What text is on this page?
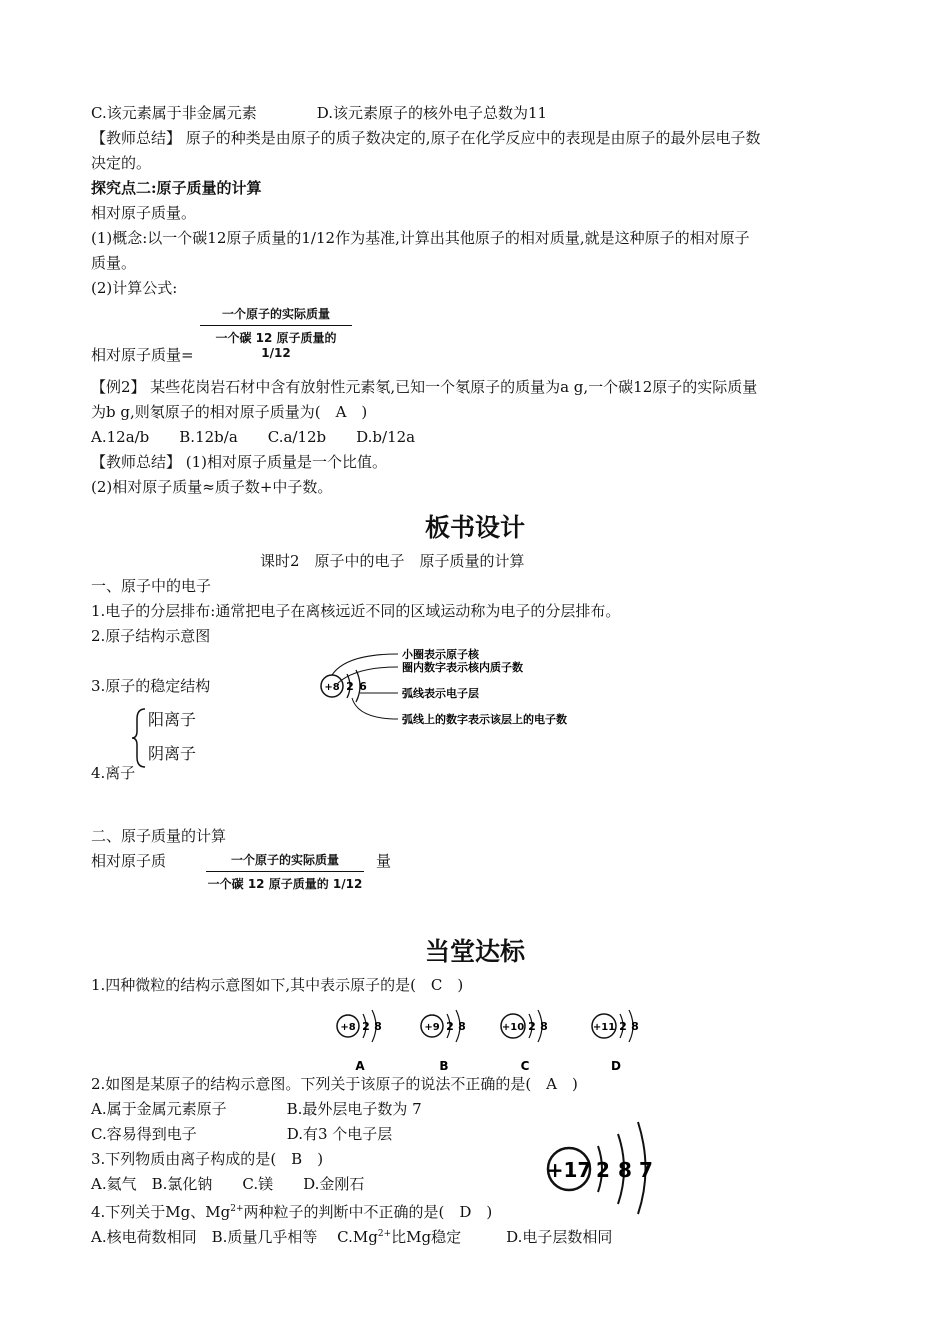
C.该元素属于非金属元素　　　　D.该元素原子的核外电子总数为11
【教师总结】 原子的种类是由原子的质子数决定的,原子在化学反应中的表现是由原子的最外层电子数
决定的。
探究点二:原子质量的计算
相对原子质量。
(1)概念:以一个碳12原子质量的1/12作为基准,计算出其他原子的相对质量,就是这种原子的相对原子
质量。
(2)计算公式:
一个原子的实际质量
一个碳 12 原子质量的 1/12
相对原子质量=
【例2】 某些花岗岩石材中含有放射性元素氡,已知一个氡原子的质量为a g,一个碳12原子的实际质量
为b g,则氡原子的相对原子质量为(　A　)
A.12a/b　　B.12b/a　　C.a/12b　　D.b/12a
【教师总结】 (1)相对原子质量是一个比值。
(2)相对原子质量≈质子数+中子数。
板书设计
课时2　原子中的电子　原子质量的计算
一、原子中的电子
1.电子的分层排布:通常把电子在离核远近不同的区域运动称为电子的分层排布。
2.原子结构示意图
3.原子的稳定结构	+8 2 6
小圈表示原子核
圈内数字表示核内质子数
弧线表示电子层
弧线上的数字表示该层上的电子数
阳离子
阴离子
4.离子
二、原子质量的计算
相对原子质	一个原子的实际质量
一个碳 12 原子质量的 1/12
量
当堂达标
1.四种微粒的结构示意图如下,其中表示原子的是(　C　)
+8 2 8
A
+9 2 8
B
+10 2 8
C
+11 2 8
D
2.如图是某原子的结构示意图。下列关于该原子的说法不正确的是(　A　)
A.属于金属元素原子　　　　B.最外层电子数为 7
C.容易得到电子　　　　　　D.有3 个电子层
3.下列物质由离子构成的是(　B　)
A.氦气　B.氯化钠　　C.镁　　D.金刚石
4.下列关于Mg、$Mg^{2+}$两种粒子的判断中不正确的是(　D　)
A.核电荷数相同　B.质量几乎相等　 $C.Mg^{2+}$比Mg稳定　　　D.电子层数相同
+17 2 8 7
